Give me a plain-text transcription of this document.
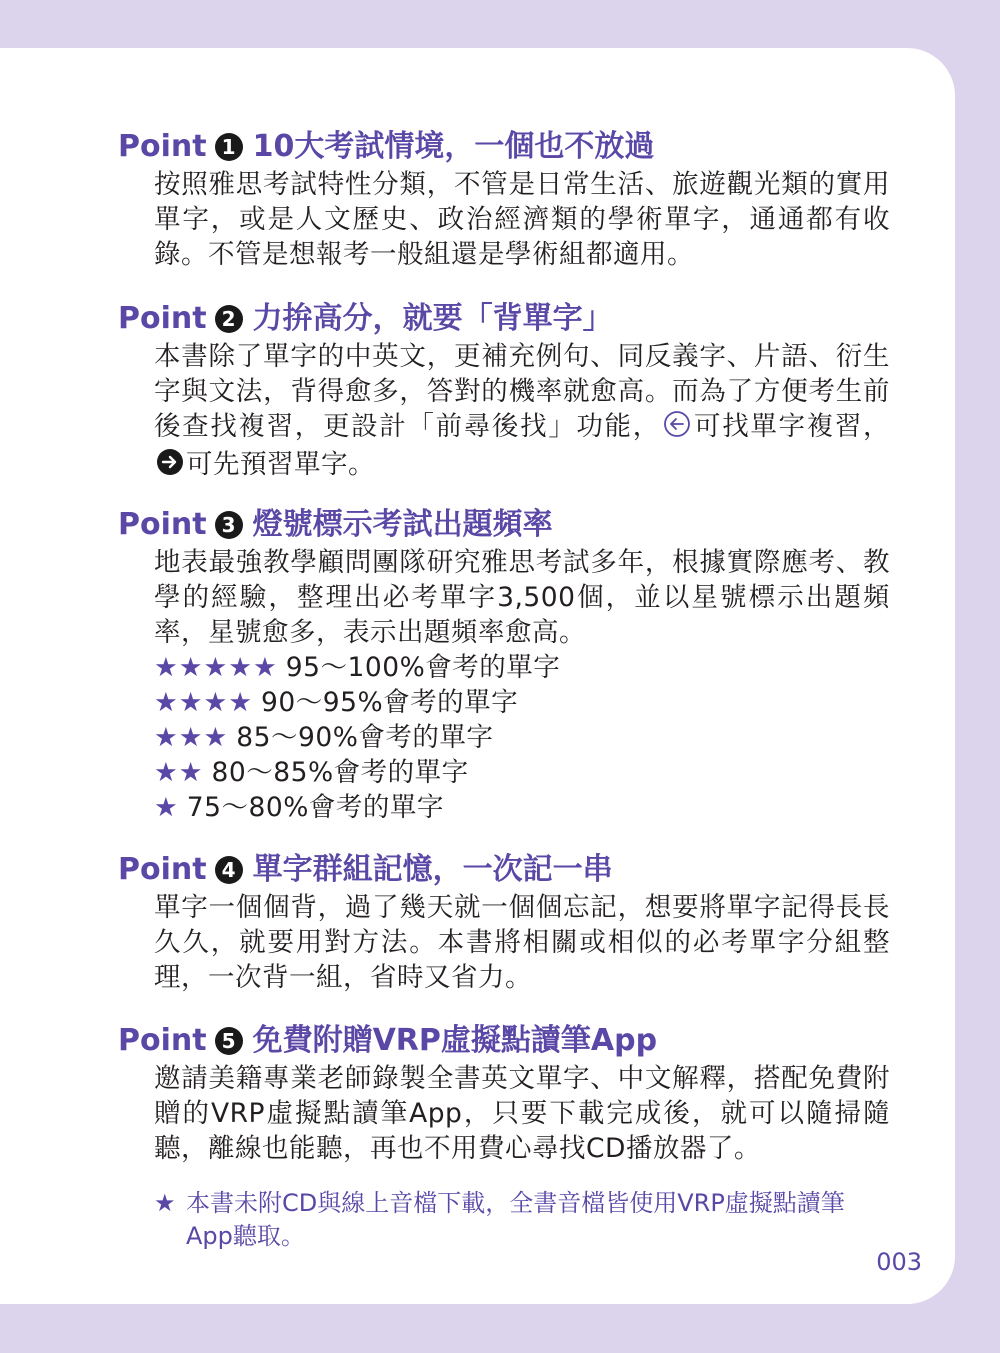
Point 1 10大考試情境，一個也不放過

按照雅思考試特性分類，不管是日常生活、旅遊觀光類的實用單字，或是人文歷史、政治經濟類的學術單字，通通都有收錄。不管是想報考一般組還是學術組都適用。

Point 2 力拚高分，就要「背單字」

本書除了單字的中英文，更補充例句、同反義字、片語、衍生字與文法，背得愈多，答對的機率就愈高。而為了方便考生前後查找複習，更設計「前尋後找」功能， 可找單字複習，可先預習單字。

Point 3 燈號標示考試出題頻率

地表最強教學顧問團隊研究雅思考試多年，根據實際應考、教學的經驗，整理出必考單字3,500個，並以星號標示出題頻率，星號愈多，表示出題頻率愈高。

★★★★★ 95～100%會考的單字
★★★★ 90～95%會考的單字
★★★ 85～90%會考的單字
★★ 80～85%會考的單字
★ 75～80%會考的單字
Point 4 單字群組記憶，一次記一串

單字一個個背，過了幾天就一個個忘記，想要將單字記得長長久久，就要用對方法。本書將相關或相似的必考單字分組整理，一次背一組，省時又省力。

Point 5 免費附贈VRP虛擬點讀筆App

邀請美籍專業老師錄製全書英文單字、中文解釋，搭配免費附贈的VRP虛擬點讀筆App，只要下載完成後，就可以隨掃隨聽，離線也能聽，再也不用費心尋找CD播放器了。

★ 本書未附CD與線上音檔下載，全書音檔皆使用VRP虛擬點讀筆App聽取。
003
